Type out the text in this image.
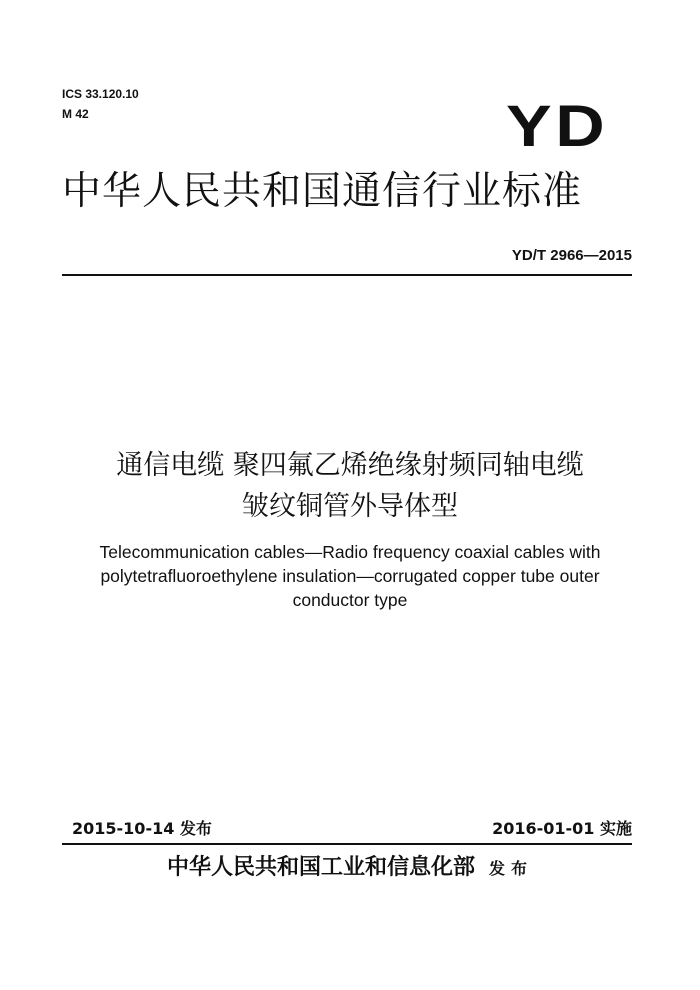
ICS 33.120.10
M 42	YD
中华人民共和国通信行业标准
YD/T 2966—2015
通信电缆 聚四氟乙烯绝缘射频同轴电缆
皱纹铜管外导体型
Telecommunication cables—Radio frequency coaxial cables with
polytetrafluoroethylene insulation—corrugated copper tube outer
conductor type
2015-10-14 发布	2016-01-01 实施
中华人民共和国工业和信息化部 发布
